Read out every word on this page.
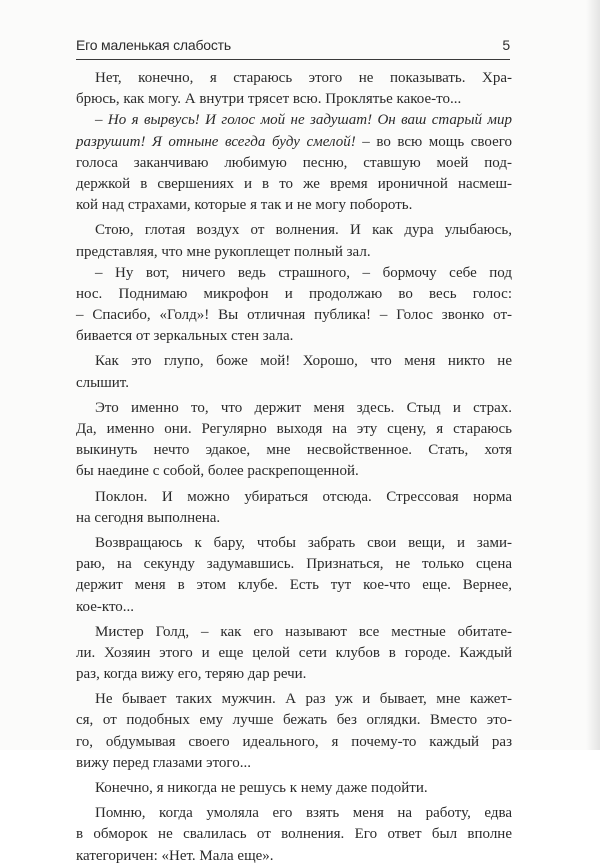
Его маленькая слабость	5
Нет, конечно, я стараюсь этого не показывать. Хра-
брюсь, как могу. А внутри трясет всю. Проклятье какое-то...
– Но я вырвусь! И голос мой не задушат! Он ваш старый мир
разрушит! Я отныне всегда буду смелой! – во всю мощь своего
голоса заканчиваю любимую песню, ставшую моей под-
держкой в свершениях и в то же время ироничной насмеш-
кой над страхами, которые я так и не могу побороть.
Стою, глотая воздух от волнения. И как дура улыбаюсь,
представляя, что мне рукоплещет полный зал.
– Ну вот, ничего ведь страшного, – бормочу себе под
нос. Поднимаю микрофон и продолжаю во весь голос:
– Спасибо, «Голд»! Вы отличная публика! – Голос звонко от-
бивается от зеркальных стен зала.
Как это глупо, боже мой! Хорошо, что меня никто не
слышит.
Это именно то, что держит меня здесь. Стыд и страх.
Да, именно они. Регулярно выходя на эту сцену, я стараюсь
выкинуть нечто эдакое, мне несвойственное. Стать, хотя
бы наедине с собой, более раскрепощенной.
Поклон. И можно убираться отсюда. Стрессовая норма
на сегодня выполнена.
Возвращаюсь к бару, чтобы забрать свои вещи, и зами-
раю, на секунду задумавшись. Признаться, не только сцена
держит меня в этом клубе. Есть тут кое-что еще. Вернее,
кое-кто...
Мистер Голд, – как его называют все местные обитате-
ли. Хозяин этого и еще целой сети клубов в городе. Каждый
раз, когда вижу его, теряю дар речи.
Не бывает таких мужчин. А раз уж и бывает, мне кажет-
ся, от подобных ему лучше бежать без оглядки. Вместо это-
го, обдумывая своего идеального, я почему-то каждый раз
вижу перед глазами этого...
Конечно, я никогда не решусь к нему даже подойти.
Помню, когда умоляла его взять меня на работу, едва
в обморок не свалилась от волнения. Его ответ был вполне
категоричен: «Нет. Мала еще».
